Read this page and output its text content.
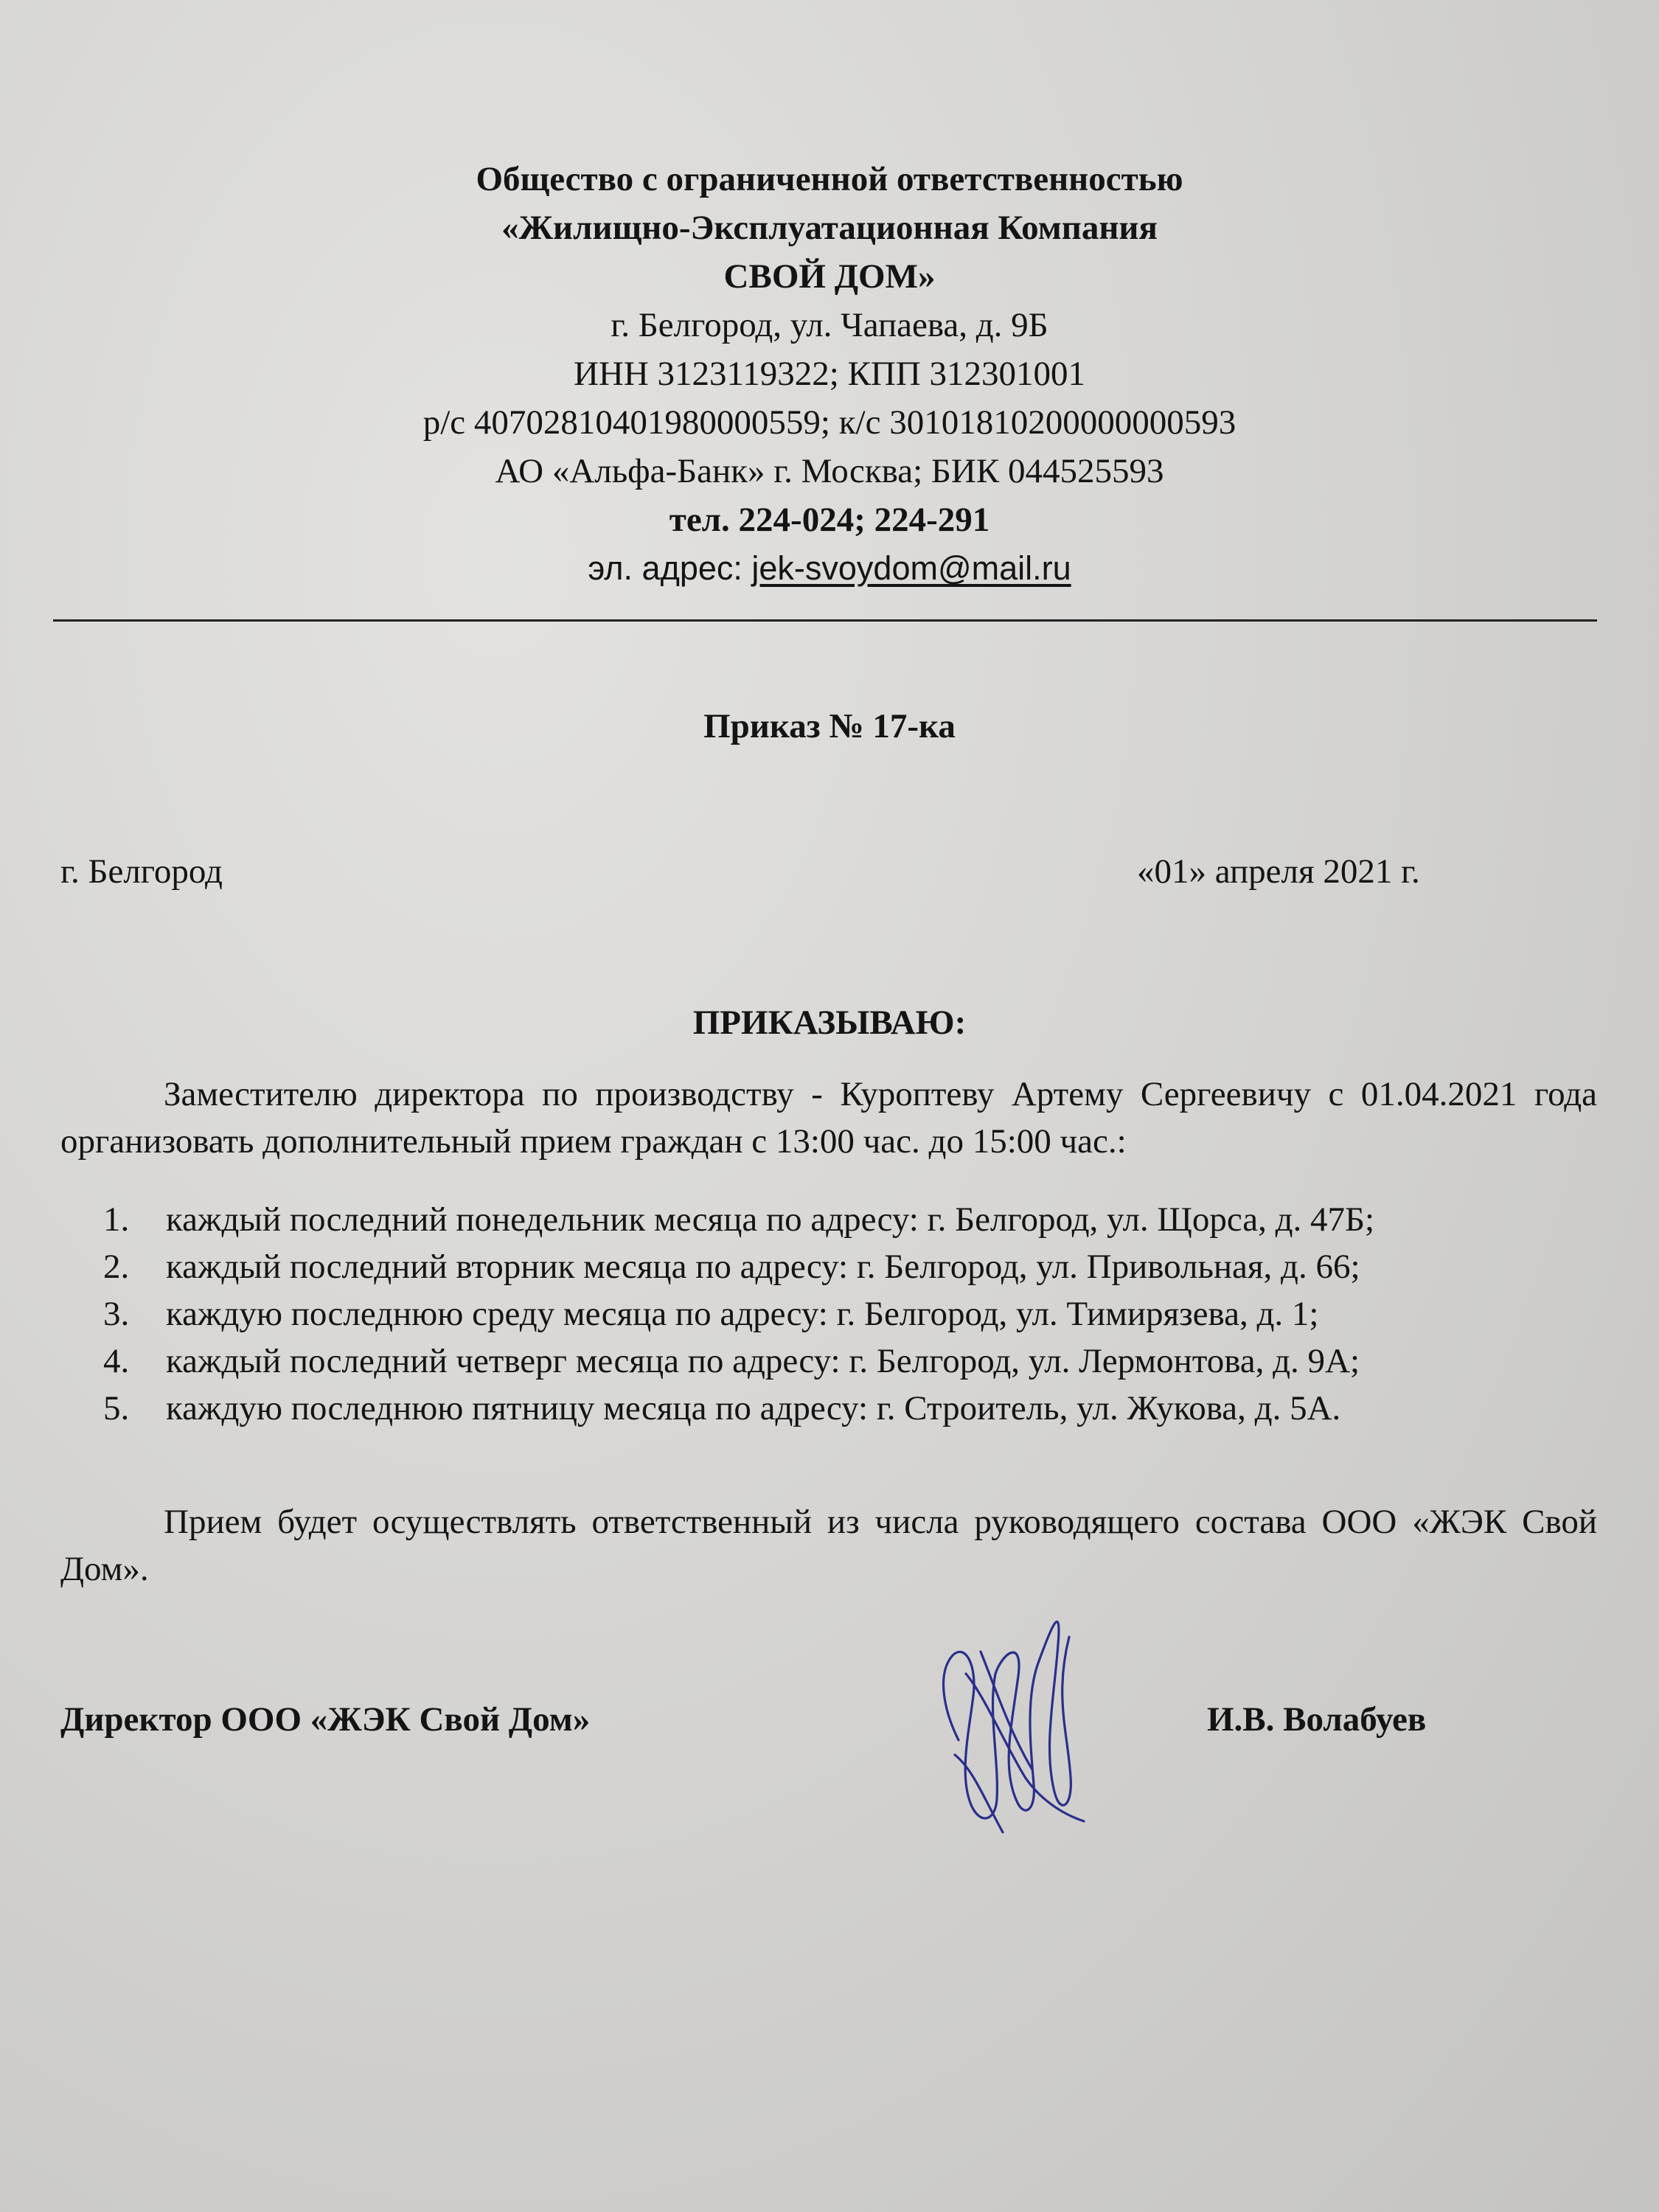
Общество с ограниченной ответственностью
«Жилищно-Эксплуатационная Компания
СВОЙ ДОМ»
г. Белгород, ул. Чапаева, д. 9Б
ИНН 3123119322; КПП 312301001
р/с 40702810401980000559; к/с 30101810200000000593
АО «Альфа-Банк» г. Москва; БИК 044525593
тел. 224-024; 224-291
эл. адрес: jek-svoydom@mail.ru
Приказ № 17-ка
г. Белгород	«01» апреля 2021 г.
ПРИКАЗЫВАЮ:
Заместителю директора по производству - Куроптеву Артему Сергеевичу с 01.04.2021 года организовать дополнительный прием граждан с 13:00 час. до 15:00 час.:
1.	каждый последний понедельник месяца по адресу: г. Белгород, ул. Щорса, д. 47Б;
2.	каждый последний вторник месяца по адресу: г. Белгород, ул. Привольная, д. 66;
3.	каждую последнюю среду месяца по адресу: г. Белгород, ул. Тимирязева, д. 1;
4.	каждый последний четверг месяца по адресу: г. Белгород, ул. Лермонтова, д. 9А;
5.	каждую последнюю пятницу месяца по адресу: г. Строитель, ул. Жукова, д. 5А.
Прием будет осуществлять ответственный из числа руководящего состава ООО «ЖЭК Свой Дом».
Директор ООО «ЖЭК Свой Дом»	И.В. Волабуев
